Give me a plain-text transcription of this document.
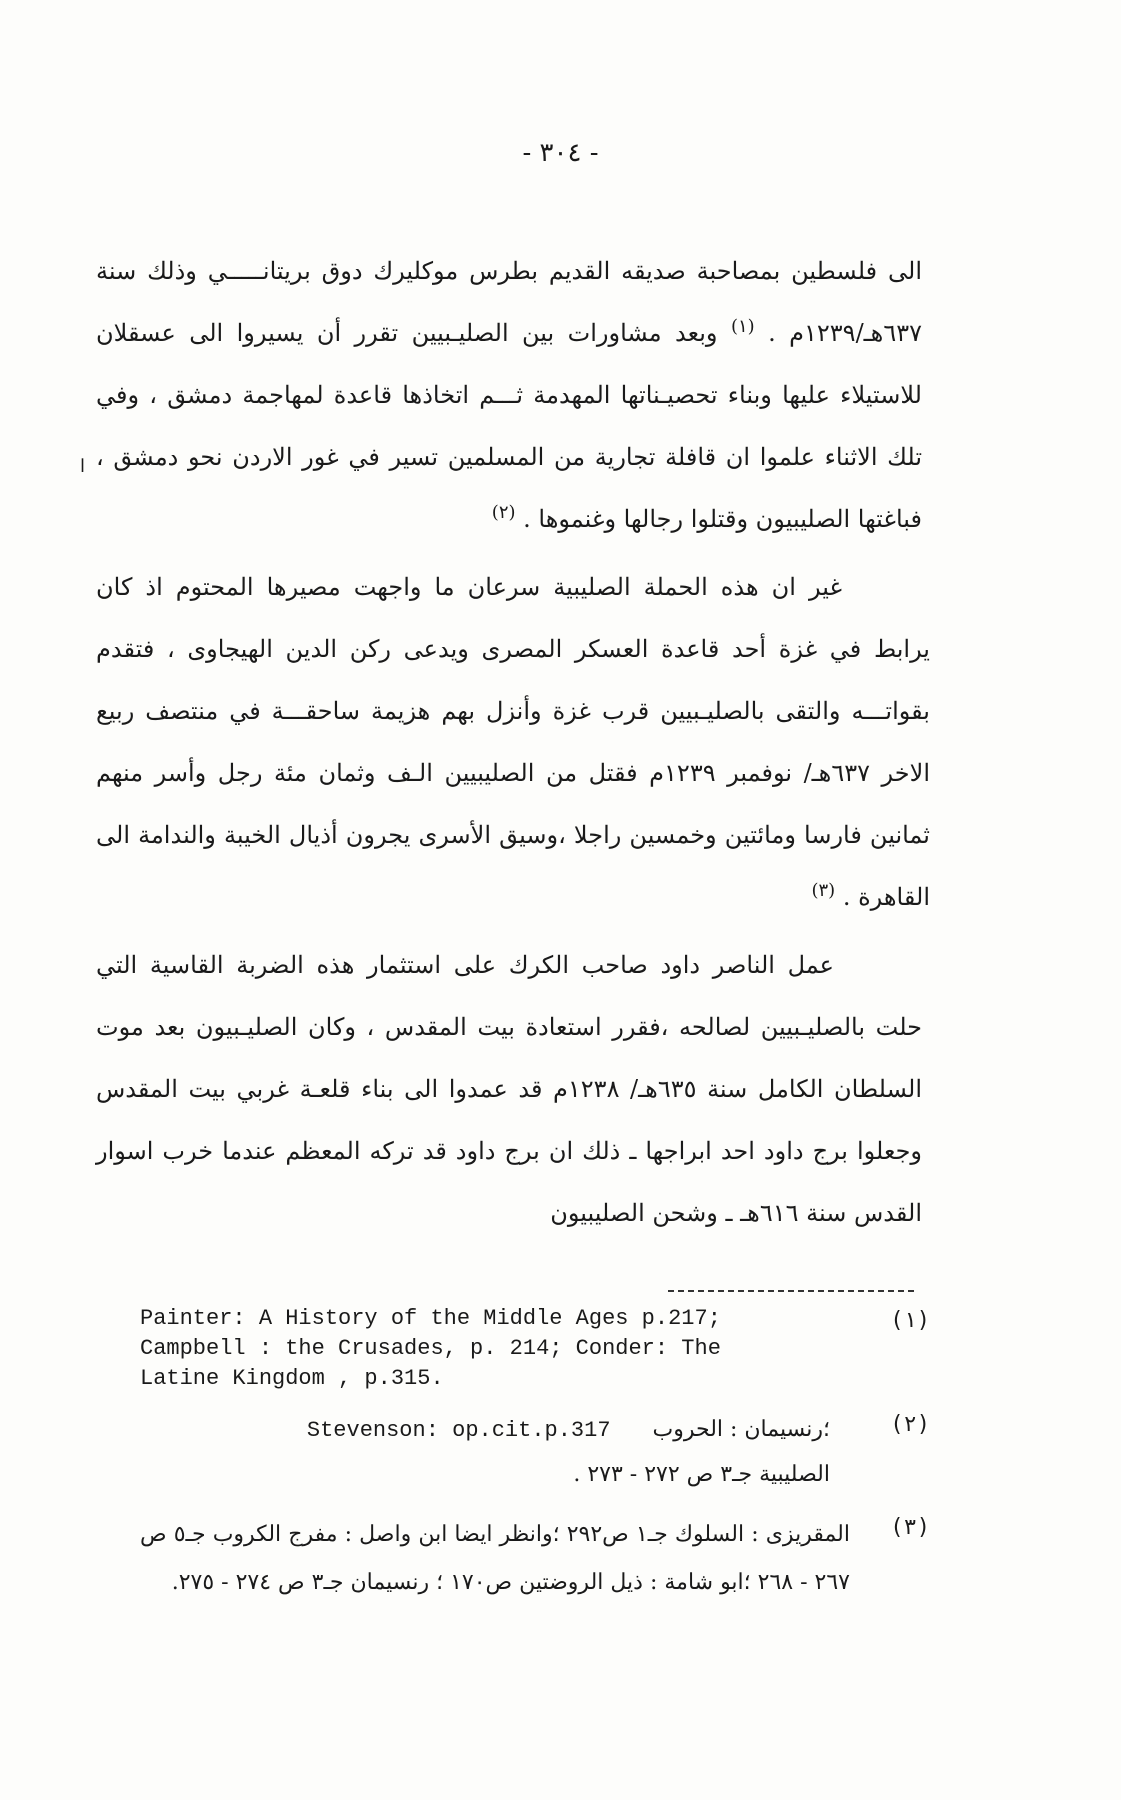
- ٣٠٤ -
ا

الى فلسطين بمصاحبة صديقه القديم بطرس موكليرك دوق بريتانـــــي وذلك سنة ٦٣٧هـ/١٢٣٩م . $^{(١)}$ وبعد مشاورات بين الصليـبيين تقرر أن يسيروا الى عسقلان للاستيلاء عليها وبناء تحصيـناتها المهدمة ثـــم اتخاذها قاعدة لمهاجمة دمشق ، وفي تلك الاثناء علموا ان قافلة تجارية من المسلمين تسير في غور الاردن نحو دمشق ، فباغتها الصليبيون وقتلوا رجالها وغنموها . $^{(٢)}$

غير ان هذه الحملة الصليبية سرعان ما واجهت مصيرها المحتوم اذ كان يرابط في غزة أحد قاعدة العسكر المصرى ويدعى ركن الدين الهيجاوى ، فتقدم بقواتـــه والتقى بالصليـبيين قرب غزة وأنزل بهم هزيمة ساحقـــة في منتصف ربيع الاخر ٦٣٧هـ/ نوفمبر ١٢٣٩م فقتل من الصليبيين الـف وثمان مئة رجل وأسر منهم ثمانين فارسا ومائتين وخمسين راجلا ،وسيق الأسرى يجرون أذيال الخيبة والندامة الى القاهرة . $^{(٣)}$

عمل الناصر داود صاحب الكرك على استثمار هذه الضربة القاسية التي حلت بالصليـبيين لصالحه ،فقرر استعادة بيت المقدس ، وكان الصليـبيون بعد موت السلطان الكامل سنة ٦٣٥هـ/ ١٢٣٨م قد عمدوا الى بناء قلعـة غربي بيت المقدس وجعلوا برج داود احد ابراجها ـ ذلك ان برج داود قد تركه المعظم عندما خرب اسوار القدس سنة ٦١٦هـ ـ وشحن الصليبيون

(١)
Painter: A History of the Middle Ages p.217;
Campbell : the Crusades, p. 214; Conder: The
Latine Kingdom , p.315.
(٢)
؛رنسيمان : الحروب      Stevenson: op.cit.p.317
الصليبية جـ٣ ص ٢٧٢ - ٢٧٣ .
(٣)
المقريزى : السلوك جـ١ ص٢٩٢ ؛وانظر ايضا ابن واصل : مفرج الكروب جـ٥ ص ٢٦٧ - ٢٦٨ ؛ابو شامة : ذيل الروضتين ص١٧٠ ؛ رنسيمان جـ٣ ص ٢٧٤ - ٢٧٥.
